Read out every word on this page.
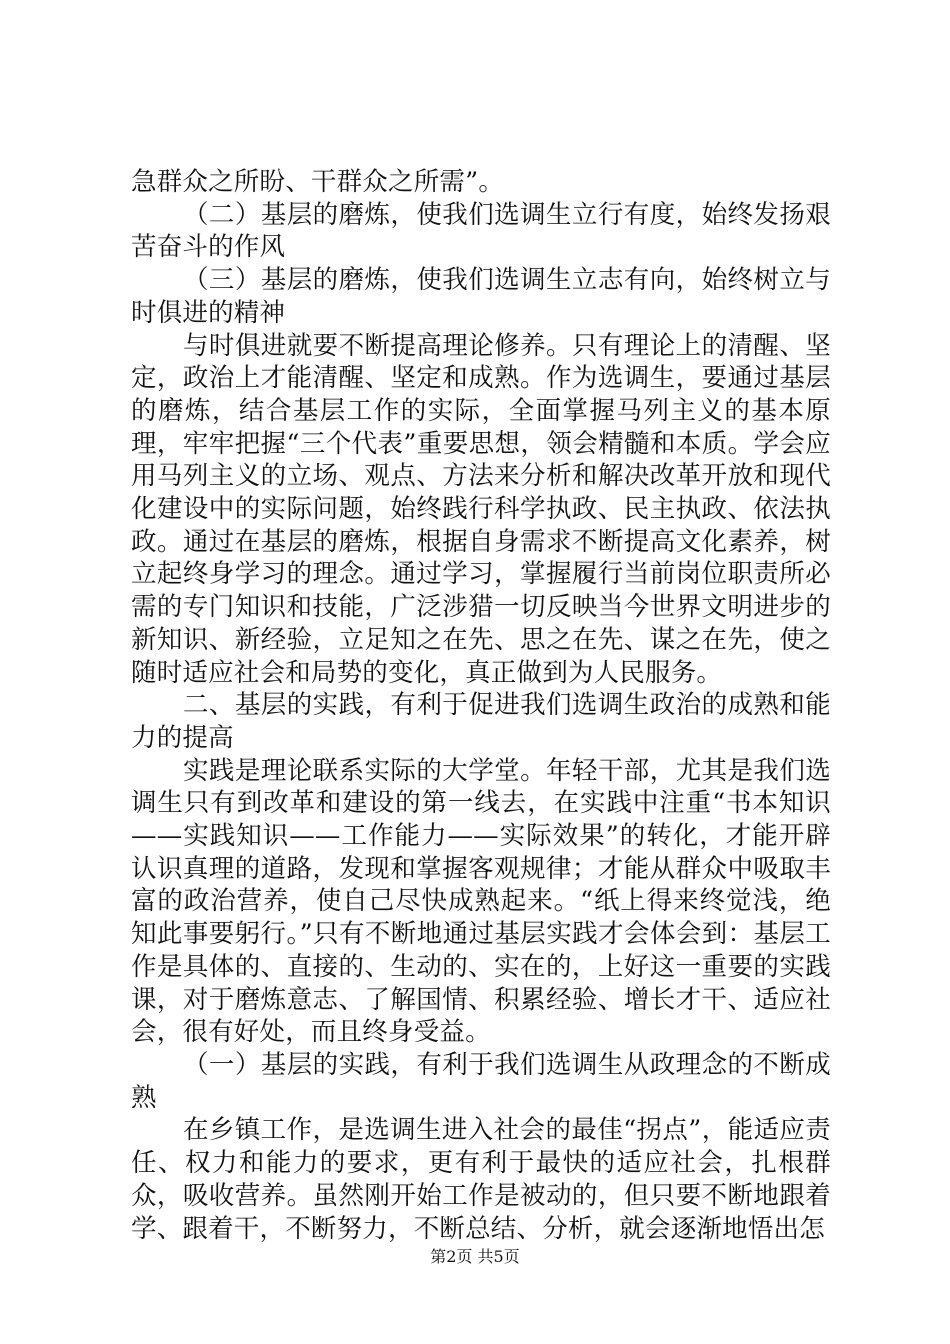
急群众之所盼、干群众之所需”。

（二）基层的磨炼，使我们选调生立行有度，始终发扬艰苦奋斗的作风

（三）基层的磨炼，使我们选调生立志有向，始终树立与时俱进的精神

与时俱进就要不断提高理论修养。只有理论上的清醒、坚定，政治上才能清醒、坚定和成熟。作为选调生，要通过基层的磨炼，结合基层工作的实际，全面掌握马列主义的基本原理，牢牢把握“三个代表”重要思想，领会精髓和本质。学会应用马列主义的立场、观点、方法来分析和解决改革开放和现代化建设中的实际问题，始终践行科学执政、民主执政、依法执政。通过在基层的磨炼，根据自身需求不断提高文化素养，树立起终身学习的理念。通过学习，掌握履行当前岗位职责所必需的专门知识和技能，广泛涉猎一切反映当今世界文明进步的新知识、新经验，立足知之在先、思之在先、谋之在先，使之随时适应社会和局势的变化，真正做到为人民服务。

二、基层的实践，有利于促进我们选调生政治的成熟和能力的提高

实践是理论联系实际的大学堂。年轻干部，尤其是我们选调生只有到改革和建设的第一线去，在实践中注重“书本知识——实践知识——工作能力——实际效果”的转化，才能开辟认识真理的道路，发现和掌握客观规律；才能从群众中吸取丰富的政治营养，使自己尽快成熟起来。“纸上得来终觉浅，绝知此事要躬行。”只有不断地通过基层实践才会体会到：基层工作是具体的、直接的、生动的、实在的，上好这一重要的实践课，对于磨炼意志、了解国情、积累经验、增长才干、适应社会，很有好处，而且终身受益。

（一）基层的实践，有利于我们选调生从政理念的不断成熟

在乡镇工作，是选调生进入社会的最佳“拐点”，能适应责任、权力和能力的要求，更有利于最快的适应社会，扎根群众，吸收营养。虽然刚开始工作是被动的，但只要不断地跟着学、跟着干，不断努力，不断总结、分析，就会逐渐地悟出怎

第2页 共5页
